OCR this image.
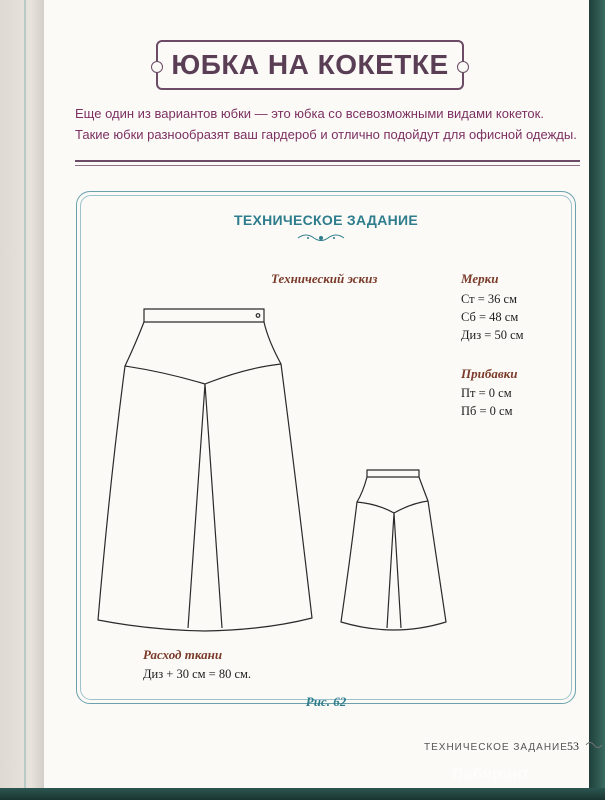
ЮБКА НА КОКЕТКЕ

Еще один из вариантов юбки — это юбка со всевозможными видами кокеток.

Такие юбки разнообразят ваш гардероб и отлично подойдут для офисной одежды.

ТЕХНИЧЕСКОЕ ЗАДАНИЕ
Технический эскиз	Мерки
Ст = 36 см
Сб = 48 см
Диз = 50 см
Прибавки
Пт = 0 см
Пб = 0 см
Расход ткани
Диз + 30 см = 80 см.
Рис. 62
ТЕХНИЧЕСКОЕ ЗАДАНИЕ 53
Лабиринт
